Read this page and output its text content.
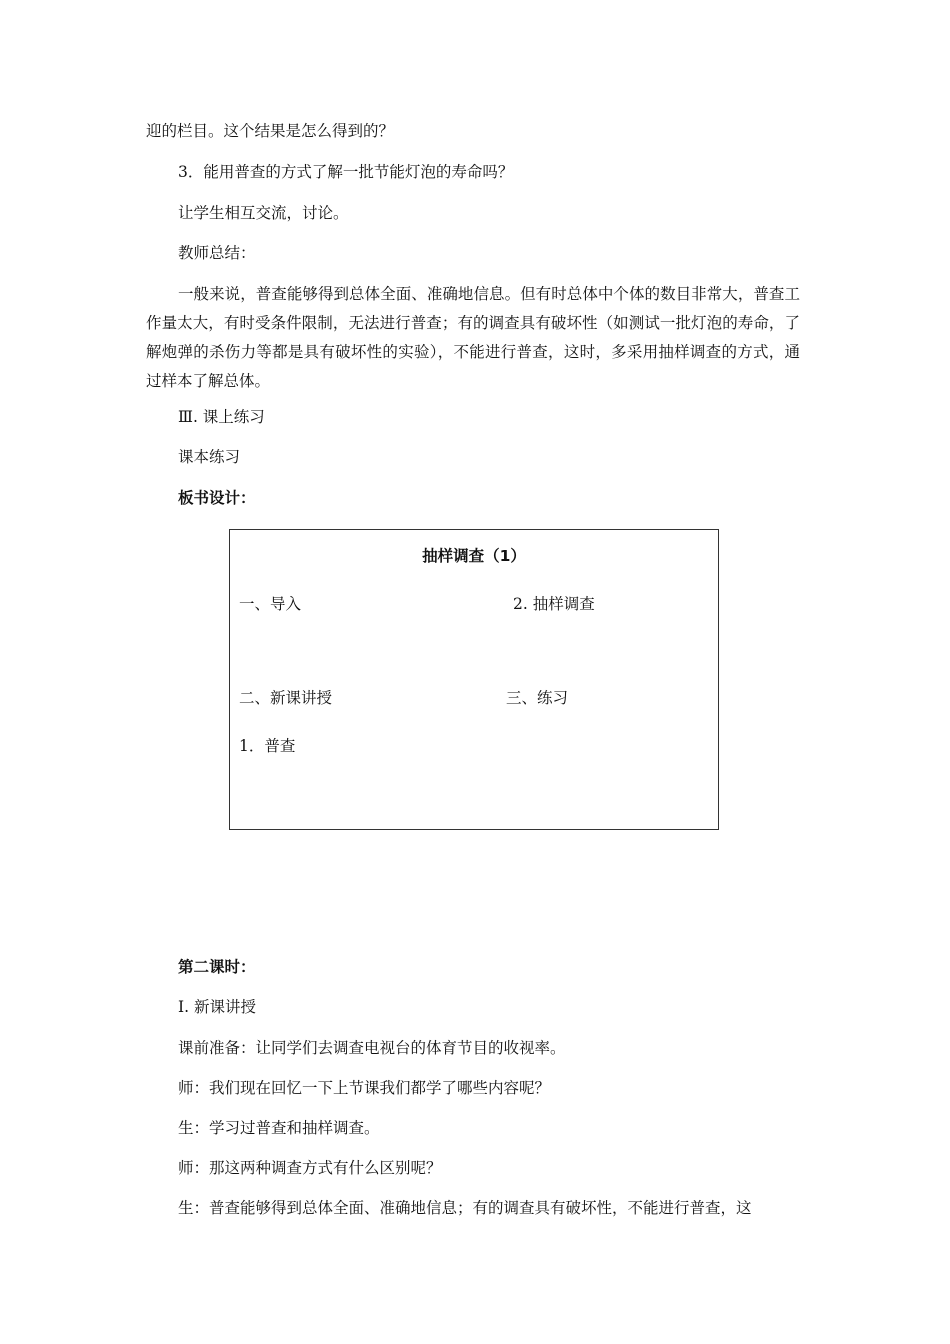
迎的栏目。这个结果是怎么得到的？
3．能用普查的方式了解一批节能灯泡的寿命吗？
让学生相互交流，讨论。
教师总结：

一般来说，普查能够得到总体全面、准确地信息。但有时总体中个体的数目非常大，普查工作量太大，有时受条件限制，无法进行普查；有的调查具有破坏性（如测试一批灯泡的寿命，了解炮弹的杀伤力等都是具有破坏性的实验），不能进行普查，这时，多采用抽样调查的方式，通过样本了解总体。

Ⅲ. 课上练习
课本练习
板书设计：
抽样调查（1）
一、导入	2. 抽样调查
二、新课讲授	三、练习
1．普查
第二课时：
Ⅰ. 新课讲授
课前准备：让同学们去调查电视台的体育节目的收视率。
师：我们现在回忆一下上节课我们都学了哪些内容呢？
生：学习过普查和抽样调查。
师：那这两种调查方式有什么区别呢？
生：普查能够得到总体全面、准确地信息；有的调查具有破坏性，不能进行普查，这
